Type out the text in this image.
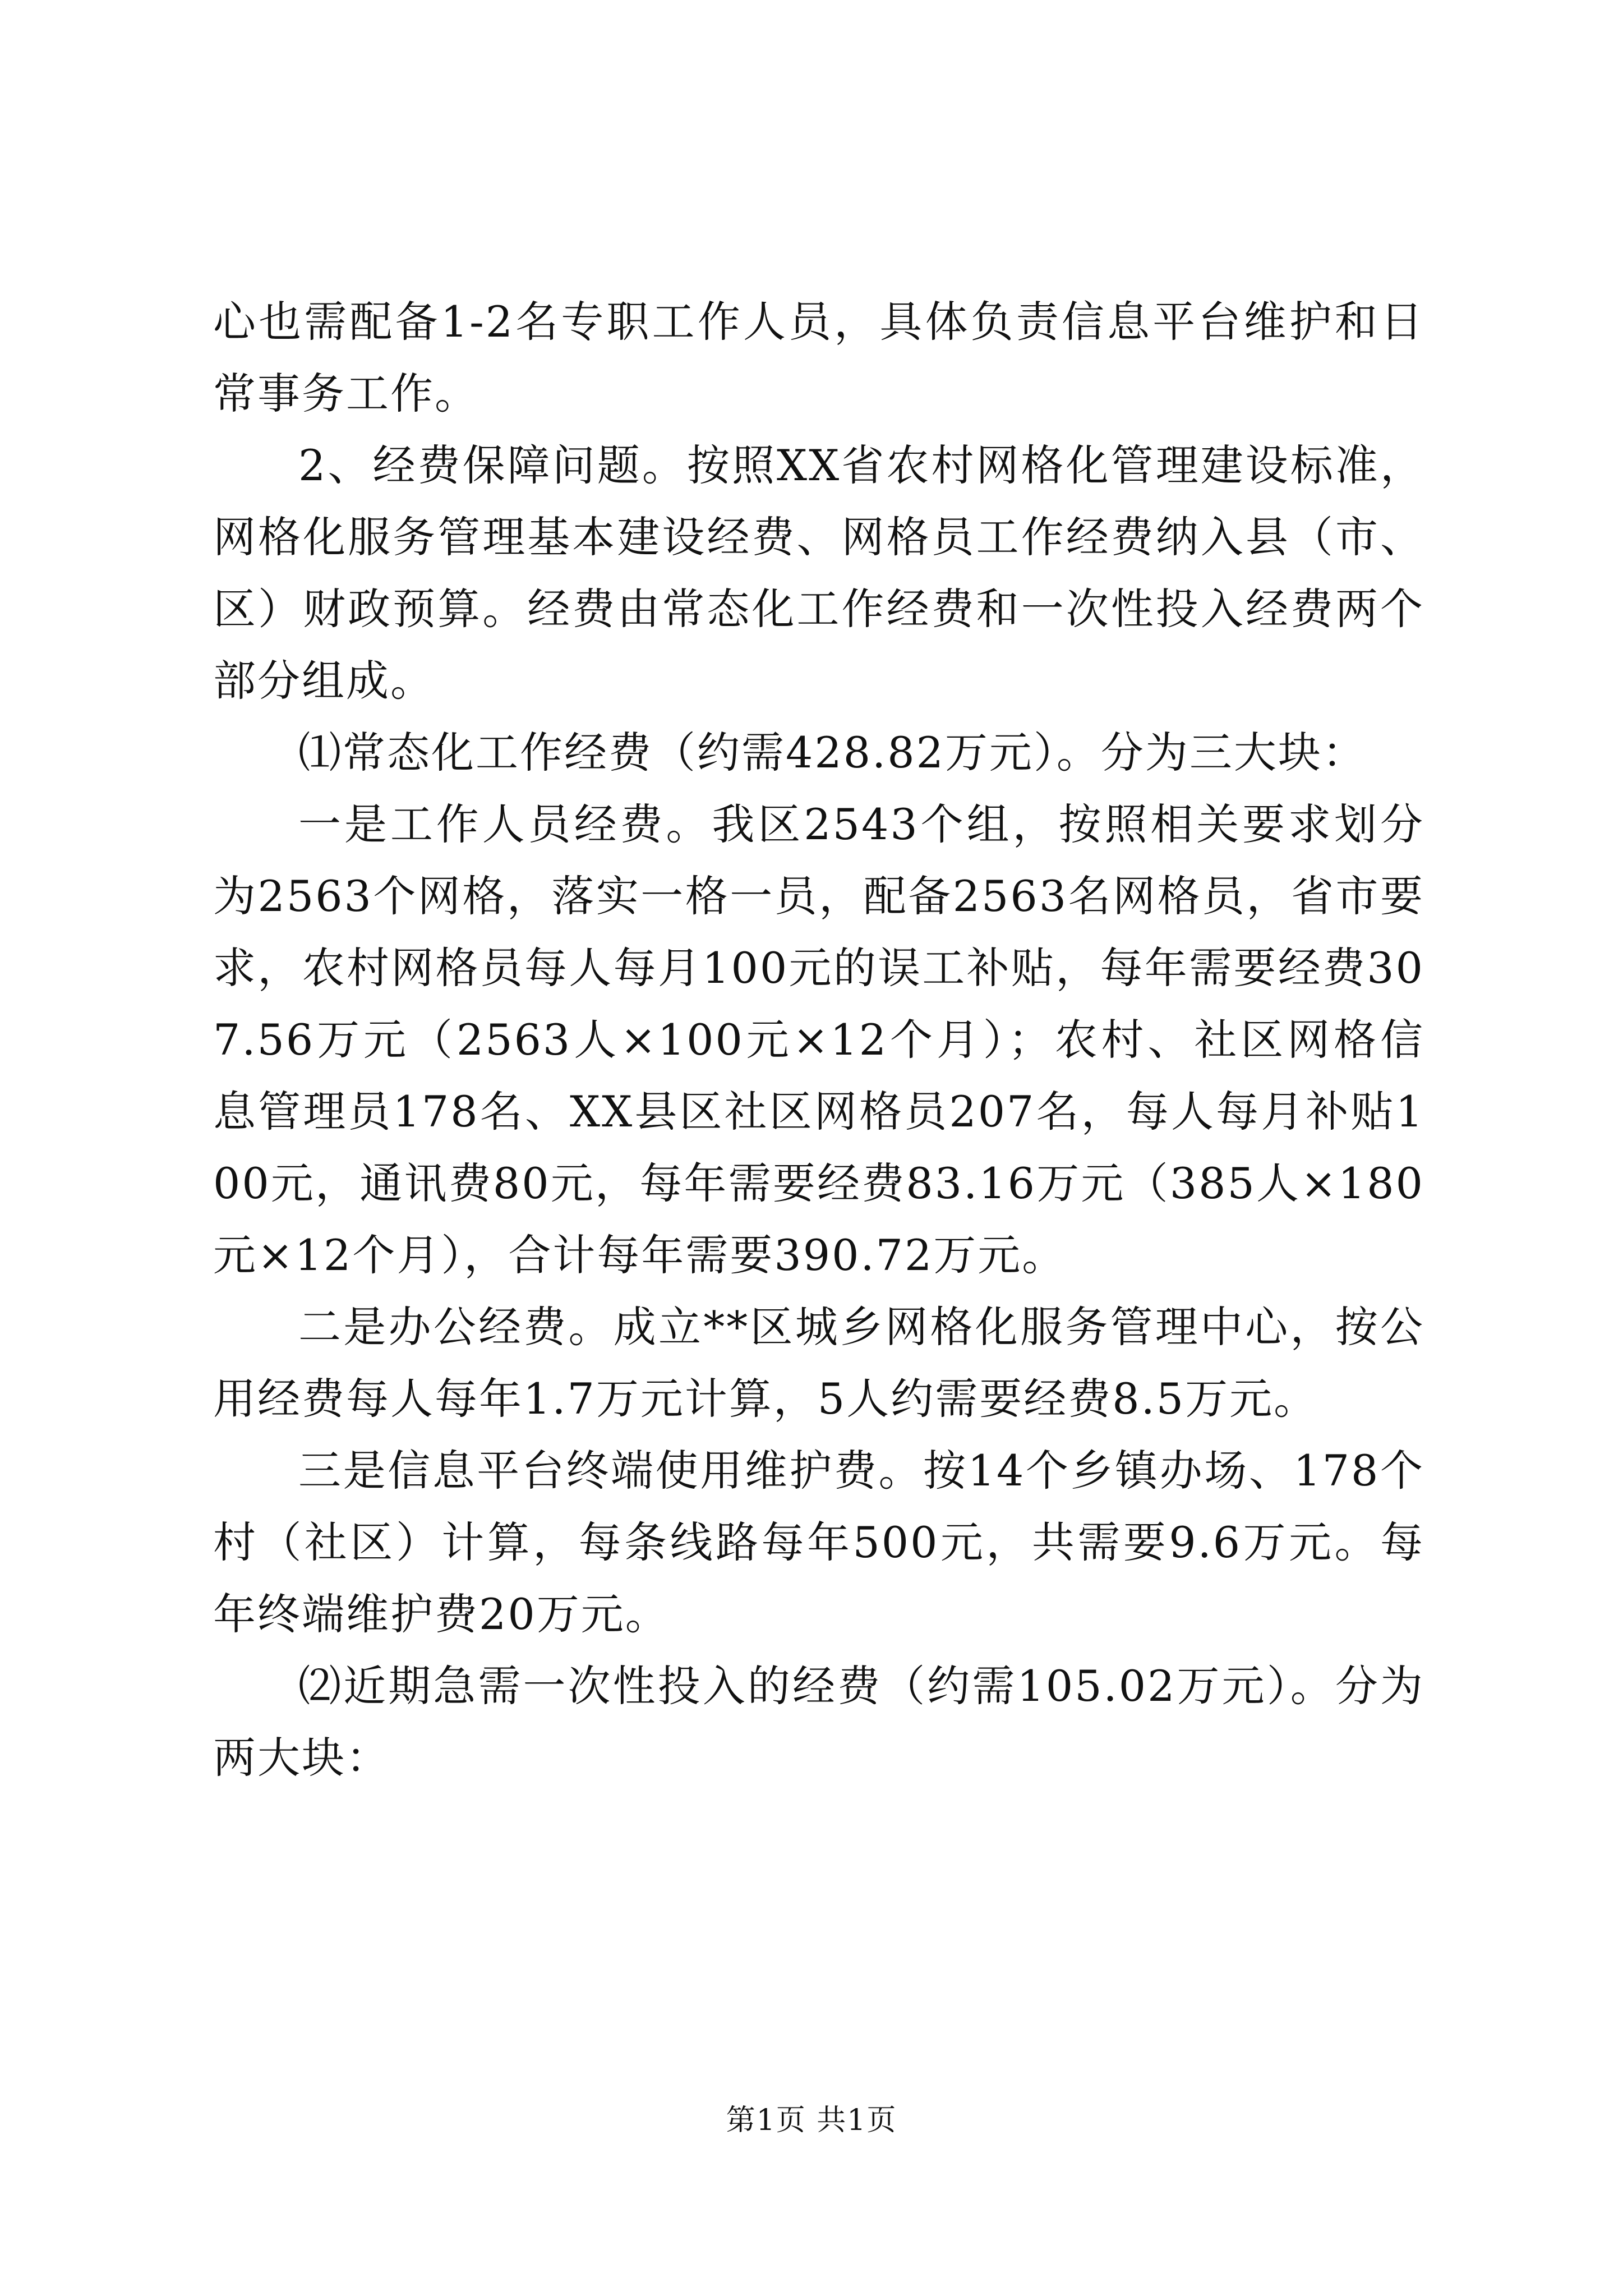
心也需配备1-2名专职工作人员，具体负责信息平台维护和日常事务工作。

2、经费保障问题。按照XX省农村网格化管理建设标准，网格化服务管理基本建设经费、网格员工作经费纳入县（市、区）财政预算。经费由常态化工作经费和一次性投入经费两个部分组成。

⑴常态化工作经费（约需428.82万元）。分为三大块：

一是工作人员经费。我区2543个组，按照相关要求划分为2563个网格，落实一格一员，配备2563名网格员，省市要求，农村网格员每人每月100元的误工补贴，每年需要经费307.56万元（2563人×100元×12个月）；农村、社区网格信息管理员178名、XX县区社区网格员207名，每人每月补贴100元，通讯费80元，每年需要经费83.16万元（385人×180元×12个月），合计每年需要390.72万元。

二是办公经费。成立**区城乡网格化服务管理中心，按公用经费每人每年1.7万元计算，5人约需要经费8.5万元。

三是信息平台终端使用维护费。按14个乡镇办场、178个村（社区）计算，每条线路每年500元，共需要9.6万元。每年终端维护费20万元。

⑵近期急需一次性投入的经费（约需105.02万元）。分为两大块：

第1页 共1页
